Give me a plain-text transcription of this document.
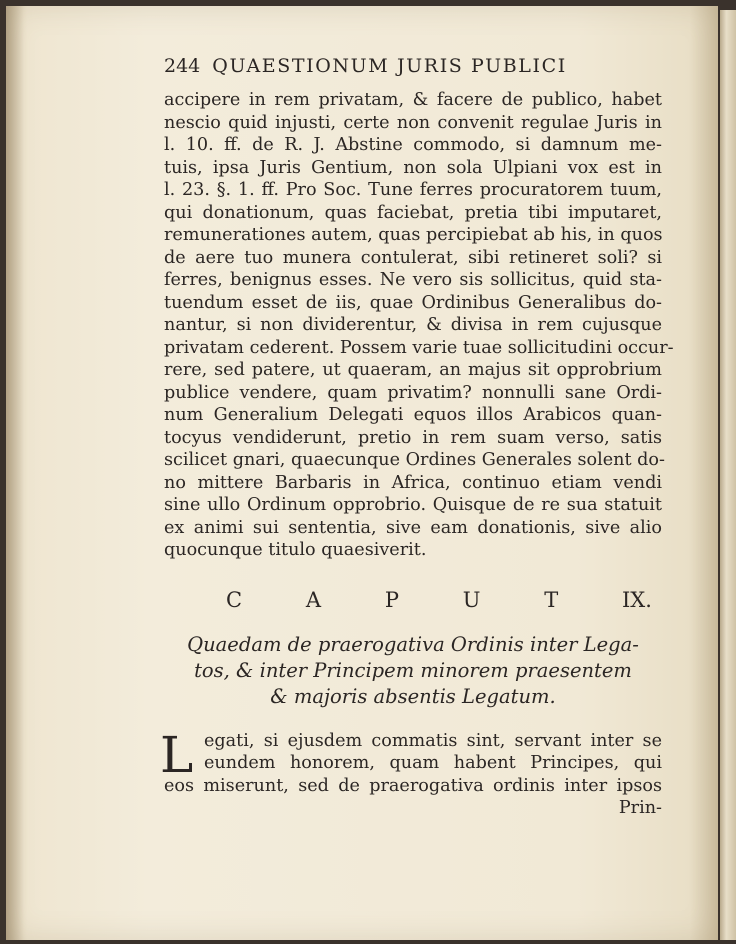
244 QUAESTIONUM JURIS PUBLICI
accipere in rem privatam, & facere de publico, habet
nescio quid injusti, certe non convenit regulae Juris in
l. 10. ff. de R. J. Abstine commodo, si damnum me-
tuis, ipsa Juris Gentium, non sola Ulpiani vox est in
l. 23. §. 1. ff. Pro Soc. Tune ferres procuratorem tuum,
qui donationum, quas faciebat, pretia tibi imputaret,
remunerationes autem, quas percipiebat ab his, in quos
de aere tuo munera contulerat, sibi retineret soli? si
ferres, benignus esses. Ne vero sis sollicitus, quid sta-
tuendum esset de iis, quae Ordinibus Generalibus do-
nantur, si non dividerentur, & divisa in rem cujusque
privatam cederent. Possem varie tuae sollicitudini occur-
rere, sed patere, ut quaeram, an majus sit opprobrium
publice vendere, quam privatim? nonnulli sane Ordi-
num Generalium Delegati equos illos Arabicos quan-
tocyus vendiderunt, pretio in rem suam verso, satis
scilicet gnari, quaecunque Ordines Generales solent do-
no mittere Barbaris in Africa, continuo etiam vendi
sine ullo Ordinum opprobrio. Quisque de re sua statuit
ex animi sui sententia, sive eam donationis, sive alio
quocunque titulo quaesiverit.
C	A	P	U	T	IX.
Quaedam de praerogativa Ordinis inter Lega-
tos, & inter Principem minorem praesentem
& majoris absentis Legatum.
L egati, si ejusdem commatis sint, servant inter se
eundem honorem, quam habent Principes, qui
eos miserunt, sed de praerogativa ordinis inter ipsos
Prin-
